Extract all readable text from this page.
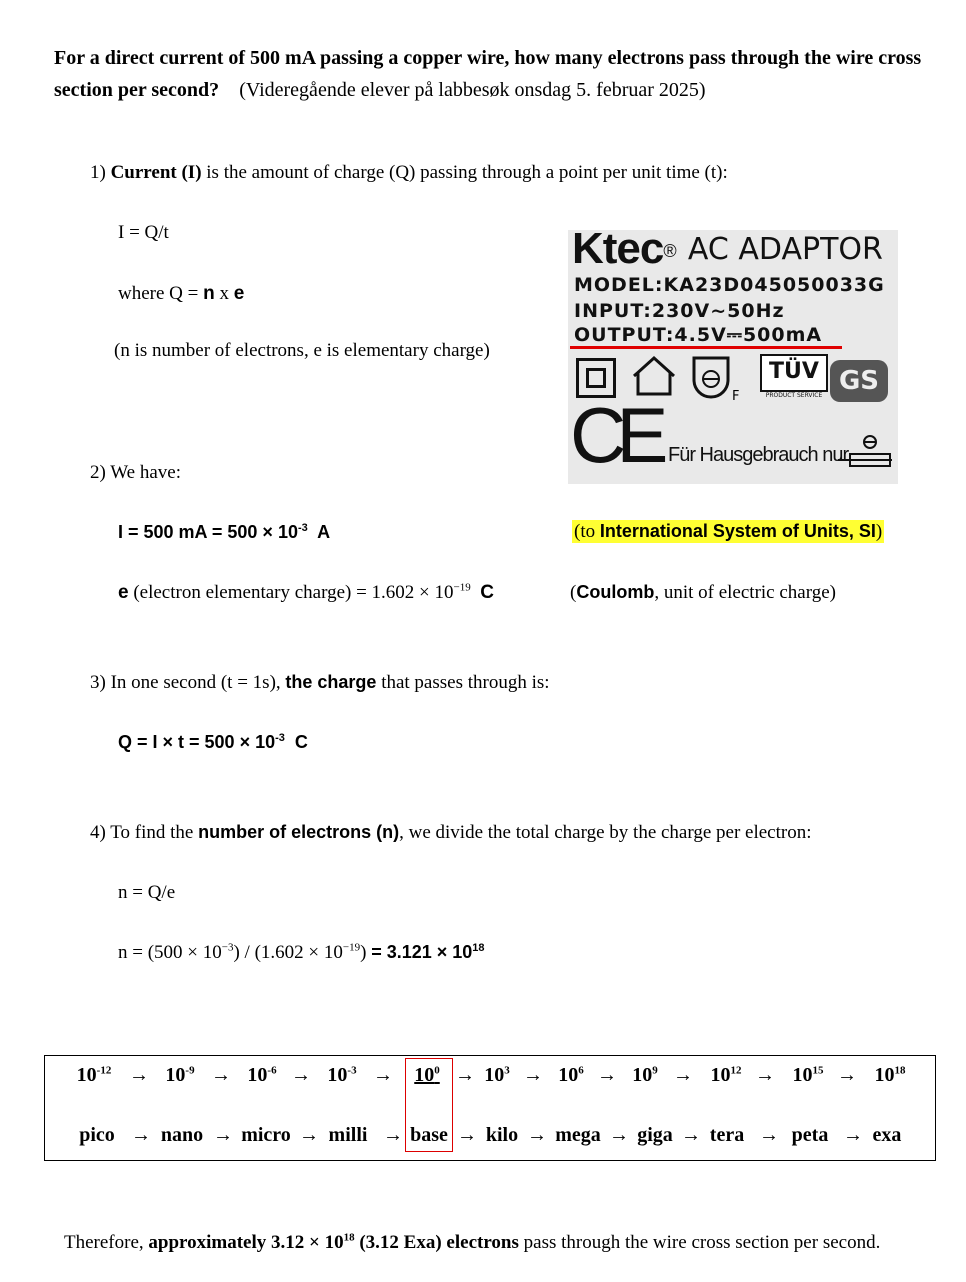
For a direct current of 500 mA passing a copper wire, how many electrons pass through the wire cross
section per second? (Videregående elever på labbesøk onsdag 5. februar 2025)
1) Current (I) is the amount of charge (Q) passing through a point per unit time (t):
I = Q/t
where Q = n x e
(n is number of electrons, e is elementary charge)
Ktec® AC ADAPTOR
MODEL:KA23D045050033G
INPUT:230V~50Hz
OUTPUT:4.5V⎓500mA
F
TÜV
PRODUCT SERVICE GS
CE Für Hausgebrauch nur
2) We have:
I = 500 mA = $500 \times 10^{-3}$ A	(to International System of Units, SI)
e (electron elementary charge) = $1.602 \times 10^{-19}$ C	(Coulomb, unit of electric charge)
3) In one second (t = 1s), the charge that passes through is:
$Q = I \times t = 500 \times 10^{-3}$ C
4) To find the number of electrons (n), we divide the total charge by the charge per electron:
n = Q/e
$n = (500 \times 10^{-3}) / (1.602 \times 10^{-19}) = 3.121 \times 10^{18}$
$10^{-12} \to 10^{-9} \to 10^{-6} \to 10^{-3}$ →	$10^0 \to 10^3 \to 10^6 \to 10^9 \to 10^{12} \to 10^{15} \to 10^{18}$
pico → nano → micro → milli → base → kilo → mega → giga → tera → peta → exa
Therefore, approximately $3.12 \times 10^{18}$ (3.12 Exa) electrons pass through the wire cross section per second.
